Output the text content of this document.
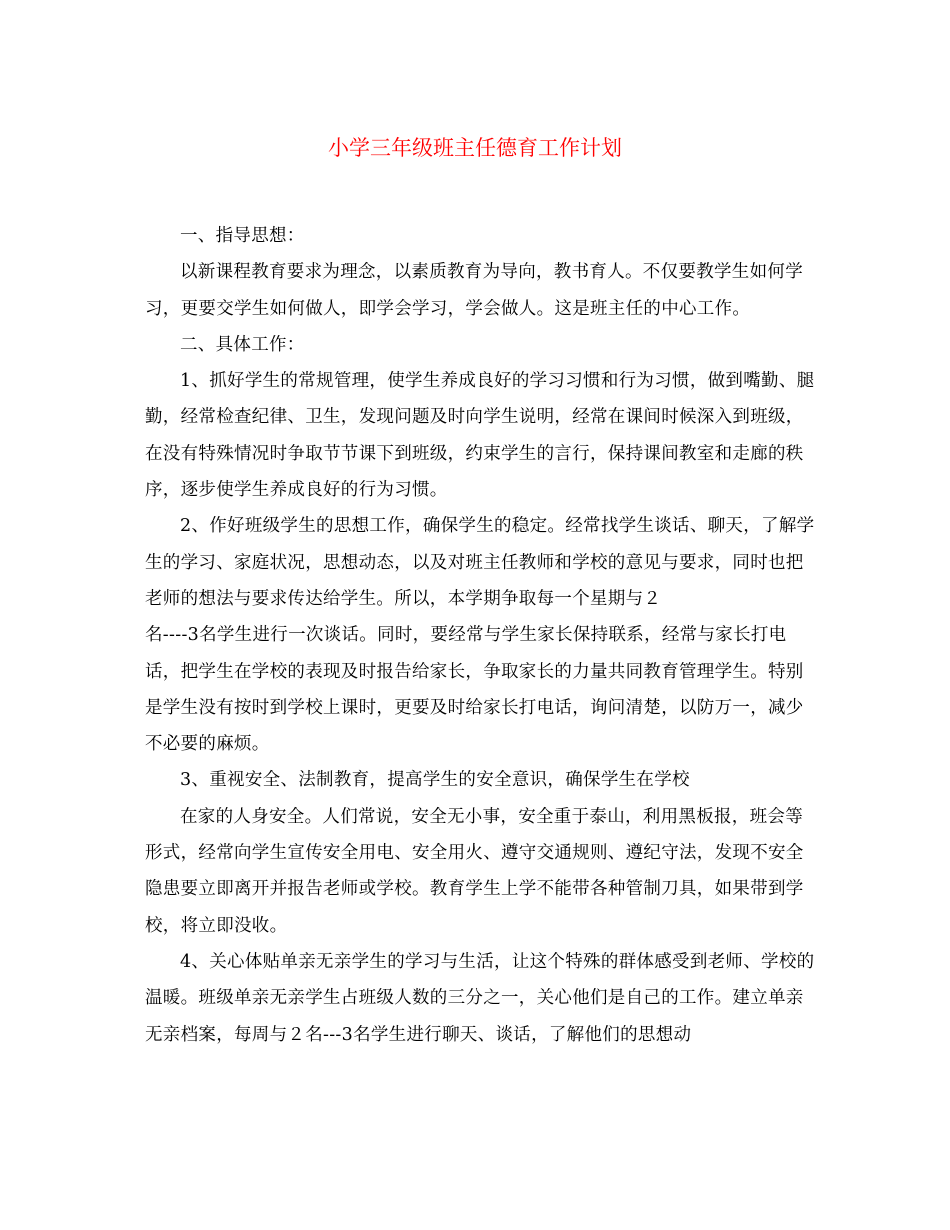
小学三年级班主任德育工作计划

一、指导思想：

以新课程教育要求为理念，以素质教育为导向，教书育人。不仅要教学生如何学习，更要交学生如何做人，即学会学习，学会做人。这是班主任的中心工作。

二、具体工作：

1、抓好学生的常规管理，使学生养成良好的学习习惯和行为习惯，做到嘴勤、腿勤，经常检查纪律、卫生，发现问题及时向学生说明，经常在课间时候深入到班级，在没有特殊情况时争取节节课下到班级，约束学生的言行，保持课间教室和走廊的秩序，逐步使学生养成良好的行为习惯。

2、作好班级学生的思想工作，确保学生的稳定。经常找学生谈话、聊天，了解学生的学习、家庭状况，思想动态，以及对班主任教师和学校的意见与要求，同时也把老师的想法与要求传达给学生。所以，本学期争取每一个星期与２

名----3名学生进行一次谈话。同时，要经常与学生家长保持联系，经常与家长打电话，把学生在学校的表现及时报告给家长，争取家长的力量共同教育管理学生。特别是学生没有按时到学校上课时，更要及时给家长打电话，询问清楚，以防万一，减少不必要的麻烦。

3、重视安全、法制教育，提高学生的安全意识，确保学生在学校

在家的人身安全。人们常说，安全无小事，安全重于泰山，利用黑板报，班会等形式，经常向学生宣传安全用电、安全用火、遵守交通规则、遵纪守法，发现不安全隐患要立即离开并报告老师或学校。教育学生上学不能带各种管制刀具，如果带到学校，将立即没收。

4、关心体贴单亲无亲学生的学习与生活，让这个特殊的群体感受到老师、学校的温暖。班级单亲无亲学生占班级人数的三分之一，关心他们是自己的工作。建立单亲无亲档案，每周与２名---3名学生进行聊天、谈话，了解他们的思想动
